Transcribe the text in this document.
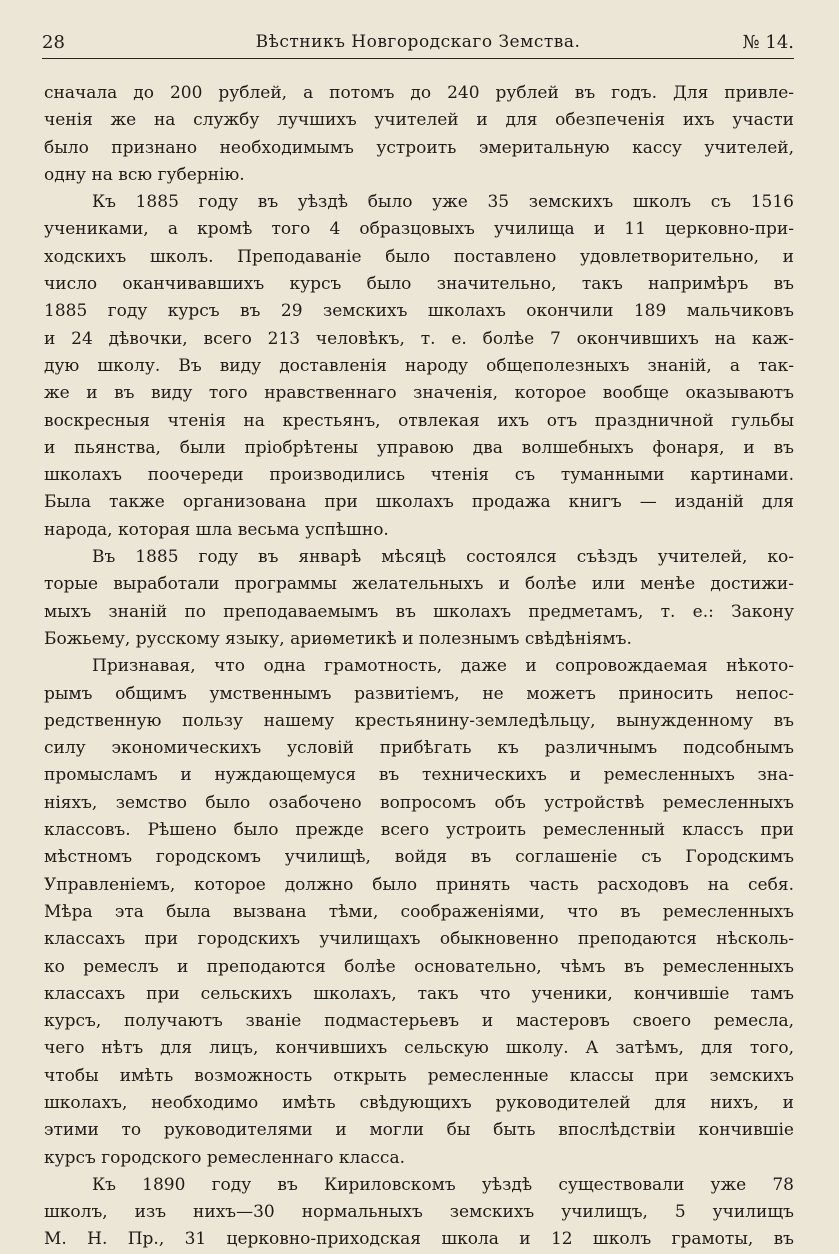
28	Вѣстникъ Новгородскаго Земства.	№ 14.
сначала до 200 рублей, а потомъ до 240 рублей въ годъ. Для привле-
ченія же на службу лучшихъ учителей и для обезпеченія ихъ участи
было признано необходимымъ устроить эмеритальную кассу учителей,
одну на всю губернію.
Къ 1885 году въ уѣздѣ было уже 35 земскихъ школъ съ 1516
учениками, а кромѣ того 4 образцовыхъ училища и 11 церковно-при-
ходскихъ школъ. Преподаваніе было поставлено удовлетворительно, и
число оканчивавшихъ курсъ было значительно, такъ напримѣръ въ
1885 году курсъ въ 29 земскихъ школахъ окончили 189 мальчиковъ
и 24 дѣвочки, всего 213 человѣкъ, т. е. болѣе 7 окончившихъ на каж-
дую школу. Въ виду доставленія народу общеполезныхъ знаній, а так-
же и въ виду того нравственнаго значенія, которое вообще оказываютъ
воскресныя чтенія на крестьянъ, отвлекая ихъ отъ праздничной гульбы
и пьянства, были пріобрѣтены управою два волшебныхъ фонаря, и въ
школахъ поочереди производились чтенія съ туманными картинами.
Была также организована при школахъ продажа книгъ — изданій для
народа, которая шла весьма успѣшно.
Въ 1885 году въ январѣ мѣсяцѣ состоялся съѣздъ учителей, ко-
торые выработали программы желательныхъ и болѣе или менѣе достижи-
мыхъ знаній по преподаваемымъ въ школахъ предметамъ, т. е.: Закону
Божьему, русскому языку, ариѳметикѣ и полезнымъ свѣдѣніямъ.
Признавая, что одна грамотность, даже и сопровождаемая нѣкото-
рымъ общимъ умственнымъ развитіемъ, не можетъ приносить непос-
редственную пользу нашему крестьянину-земледѣльцу, вынужденному въ
силу экономическихъ условій прибѣгать къ различнымъ подсобнымъ
промысламъ и нуждающемуся въ техническихъ и ремесленныхъ зна-
ніяхъ, земство было озабочено вопросомъ объ устройствѣ ремесленныхъ
классовъ. Рѣшено было прежде всего устроить ремесленный классъ при
мѣстномъ городскомъ училищѣ, войдя въ соглашеніе съ Городскимъ
Управленіемъ, которое должно было принять часть расходовъ на себя.
Мѣра эта была вызвана тѣми, соображеніями, что въ ремесленныхъ
классахъ при городскихъ училищахъ обыкновенно преподаются нѣсколь-
ко ремеслъ и преподаются болѣе основательно, чѣмъ въ ремесленныхъ
классахъ при сельскихъ школахъ, такъ что ученики, кончившіе тамъ
курсъ, получаютъ званіе подмастерьевъ и мастеровъ своего ремесла,
чего нѣтъ для лицъ, кончившихъ сельскую школу. А затѣмъ, для того,
чтобы имѣть возможность открыть ремесленные классы при земскихъ
школахъ, необходимо имѣть свѣдующихъ руководителей для нихъ, и
этими то руководителями и могли бы быть впослѣдствіи кончившіе
курсъ городского ремесленнаго класса.
Къ 1890 году въ Кириловскомъ уѣздѣ существовали уже 78
школъ, изъ нихъ—30 нормальныхъ земскихъ училищъ, 5 училищъ
М. Н. Пр., 31 церковно-приходская школа и 12 школъ грамоты, въ
